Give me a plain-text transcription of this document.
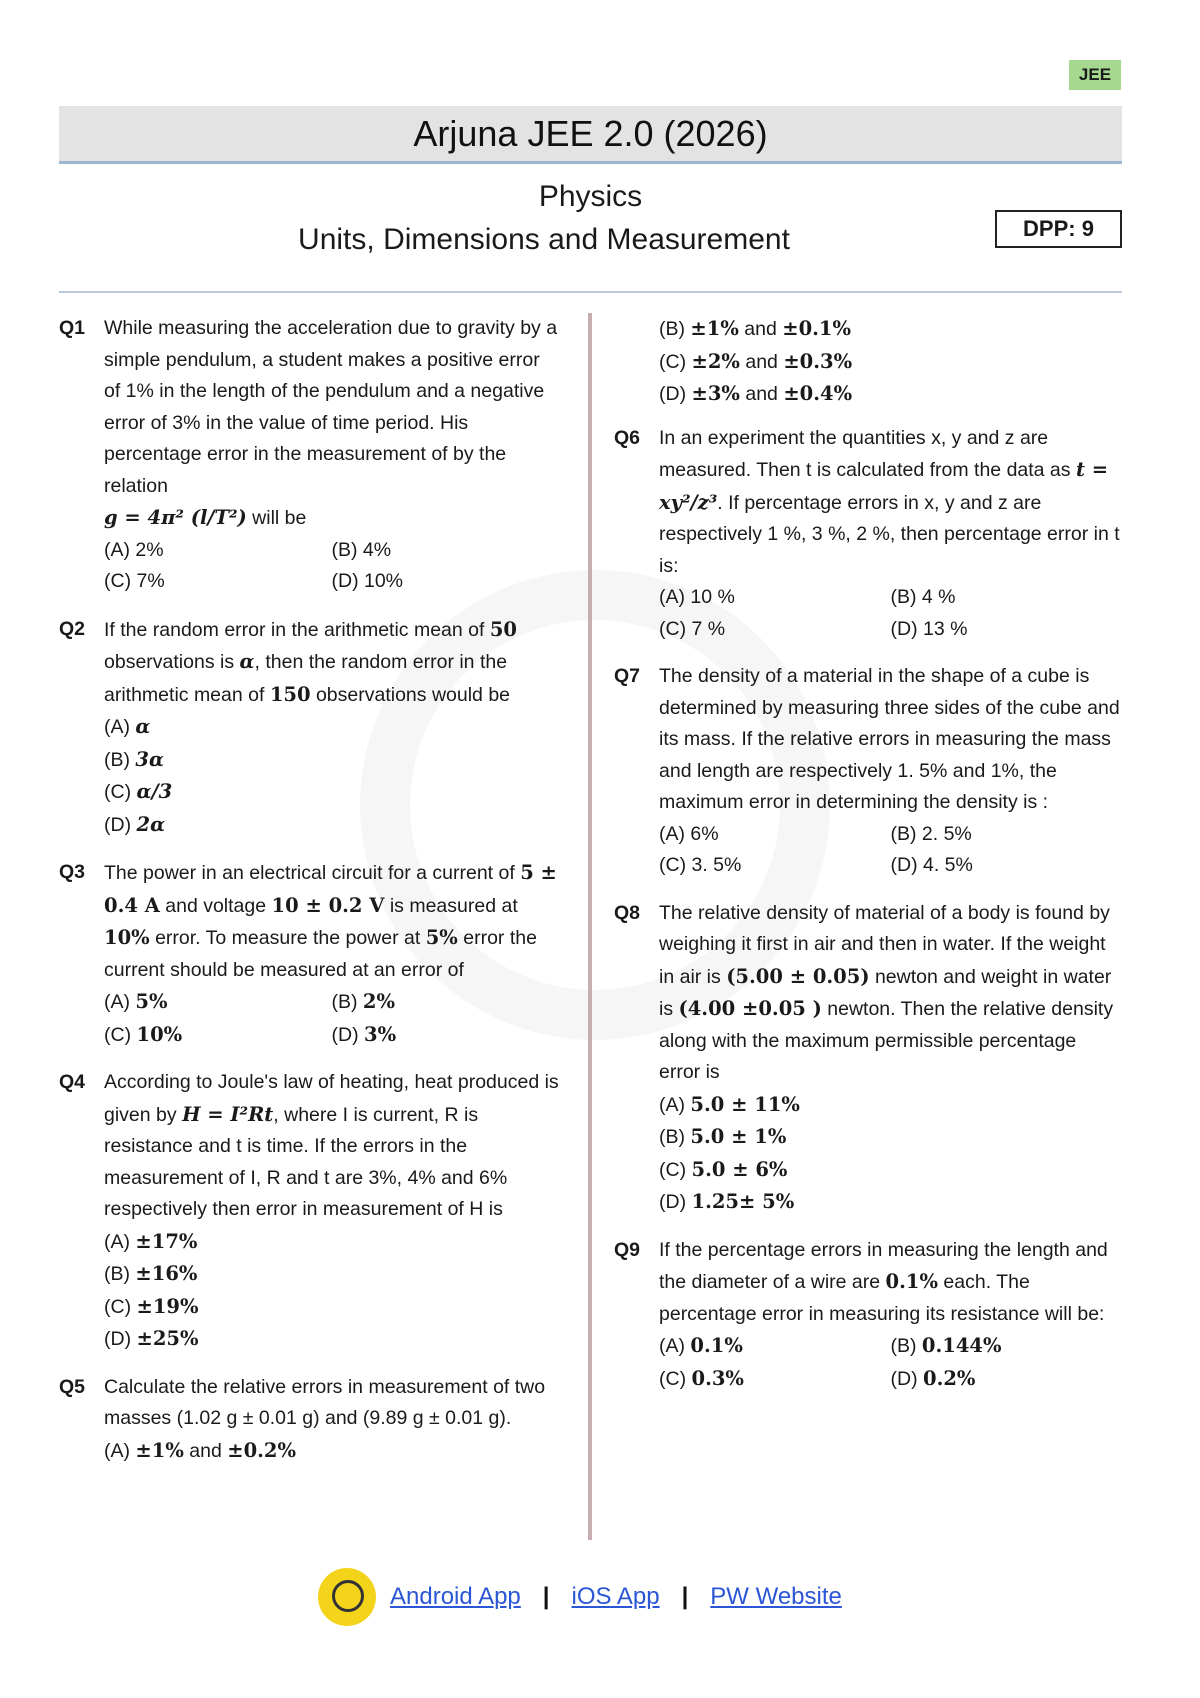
JEE
Arjuna JEE 2.0 (2026)
Physics
Units, Dimensions and Measurement	DPP: 9
Q1 While measuring the acceleration due to gravity by a simple pendulum, a student makes a positive error of 1% in the length of the pendulum and a negative error of 3% in the value of time period. His percentage error in the measurement of by the relation
g = 4π² (l/T²) will be
(A) 2%	(B) 4%
(C) 7%	(D) 10%
Q2 If the random error in the arithmetic mean of 50 observations is α, then the random error in the arithmetic mean of 150 observations would be
(A) α
(B) 3α
(C) α/3
(D) 2α
Q3 The power in an electrical circuit for a current of 5 ± 0.4 A and voltage 10 ± 0.2 V is measured at 10% error. To measure the power at 5% error the current should be measured at an error of
(A) 5%	(B) 2%
(C) 10%	(D) 3%
Q4 According to Joule's law of heating, heat produced is given by H = I²Rt, where I is current, R is resistance and t is time. If the errors in the measurement of I, R and t are 3%, 4% and 6% respectively then error in measurement of H is
(A) ±17%
(B) ±16%
(C) ±19%
(D) ±25%
Q5 Calculate the relative errors in measurement of two masses (1.02 g ± 0.01 g) and (9.89 g ± 0.01 g).
(A) ±1% and ±0.2%
(B) ±1% and ±0.1%
(C) ±2% and ±0.3%
(D) ±3% and ±0.4%
Q6 In an experiment the quantities x, y and z are measured. Then t is calculated from the data as t = xy²/z³. If percentage errors in x, y and z are respectively 1 %, 3 %, 2 %, then percentage error in t is:
(A) 10 %	(B) 4 %
(C) 7 %	(D) 13 %
Q7 The density of a material in the shape of a cube is determined by measuring three sides of the cube and its mass. If the relative errors in measuring the mass and length are respectively 1. 5% and 1%, the maximum error in determining the density is :
(A) 6%	(B) 2. 5%
(C) 3. 5%	(D) 4. 5%
Q8 The relative density of material of a body is found by weighing it first in air and then in water. If the weight in air is (5.00 ± 0.05) newton and weight in water is (4.00 ±0.05 ) newton. Then the relative density along with the maximum permissible percentage error is
(A) 5.0 ± 11%
(B) 5.0 ± 1%
(C) 5.0 ± 6%
(D) 1.25± 5%
Q9 If the percentage errors in measuring the length and the diameter of a wire are 0.1% each. The percentage error in measuring its resistance will be:
(A) 0.1%	(B) 0.144%
(C) 0.3%	(D) 0.2%
Android App | iOS App | PW Website
